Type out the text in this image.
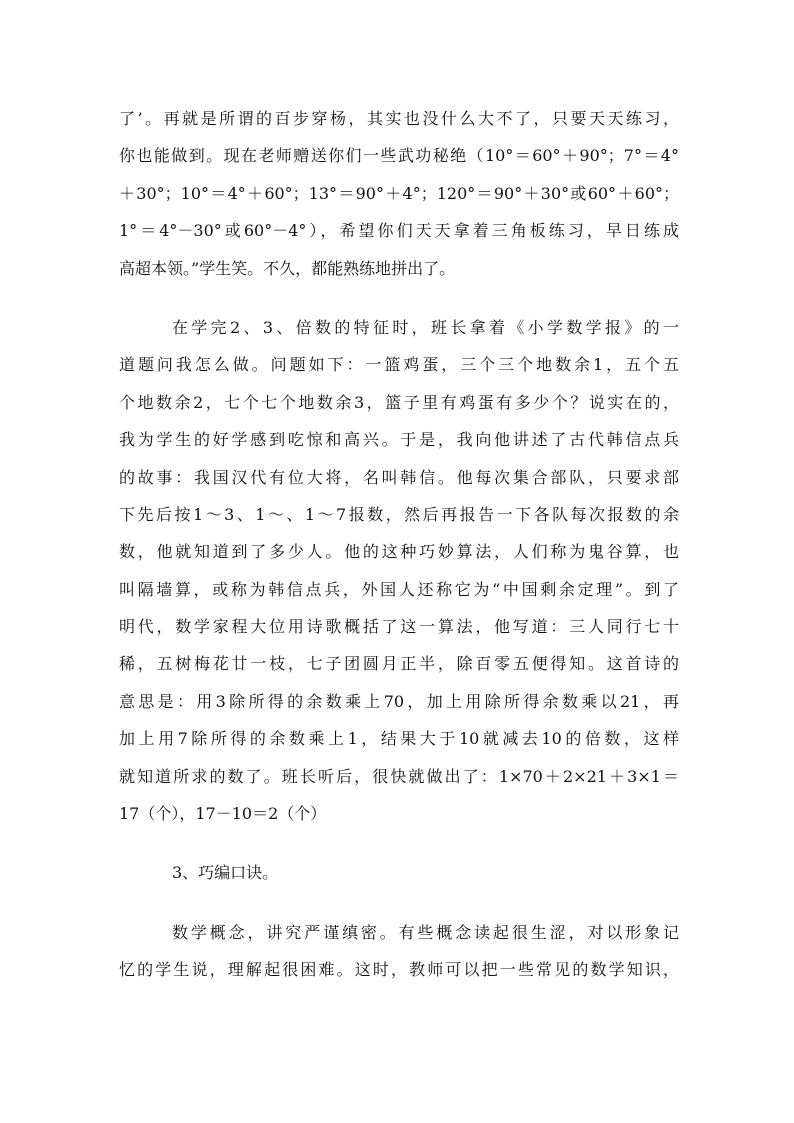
了’。再就是所谓的百步穿杨，其实也没什么大不了，只要天天练习，
你也能做到。现在老师赠送你们一些武功秘绝（10°＝60°＋90°；7°＝4°
＋30°；10°＝4°＋60°；13°＝90°＋4°；120°＝90°＋30°或60°＋60°；
1°＝4°－30°或60°－4°），希望你们天天拿着三角板练习，早日练成
高超本领。”学生笑。不久，都能熟练地拼出了。
在学完2、3、倍数的特征时，班长拿着《小学数学报》的一
道题问我怎么做。问题如下：一篮鸡蛋，三个三个地数余1，五个五
个地数余2，七个七个地数余3，篮子里有鸡蛋有多少个？说实在的，
我为学生的好学感到吃惊和高兴。于是，我向他讲述了古代韩信点兵
的故事：我国汉代有位大将，名叫韩信。他每次集合部队，只要求部
下先后按1～3、1～、1～7报数，然后再报告一下各队每次报数的余
数，他就知道到了多少人。他的这种巧妙算法，人们称为鬼谷算，也
叫隔墙算，或称为韩信点兵，外国人还称它为“中国剩余定理”。到了
明代，数学家程大位用诗歌概括了这一算法，他写道：三人同行七十
稀，五树梅花廿一枝，七子团圆月正半，除百零五便得知。这首诗的
意思是：用3除所得的余数乘上70，加上用除所得余数乘以21，再
加上用7除所得的余数乘上1，结果大于10就减去10的倍数，这样
就知道所求的数了。班长听后，很快就做出了：1×70＋2×21＋3×1＝
17（个），17－10＝2（个）
3、巧编口诀。
数学概念，讲究严谨缜密。有些概念读起很生涩，对以形象记
忆的学生说，理解起很困难。这时，教师可以把一些常见的数学知识，
